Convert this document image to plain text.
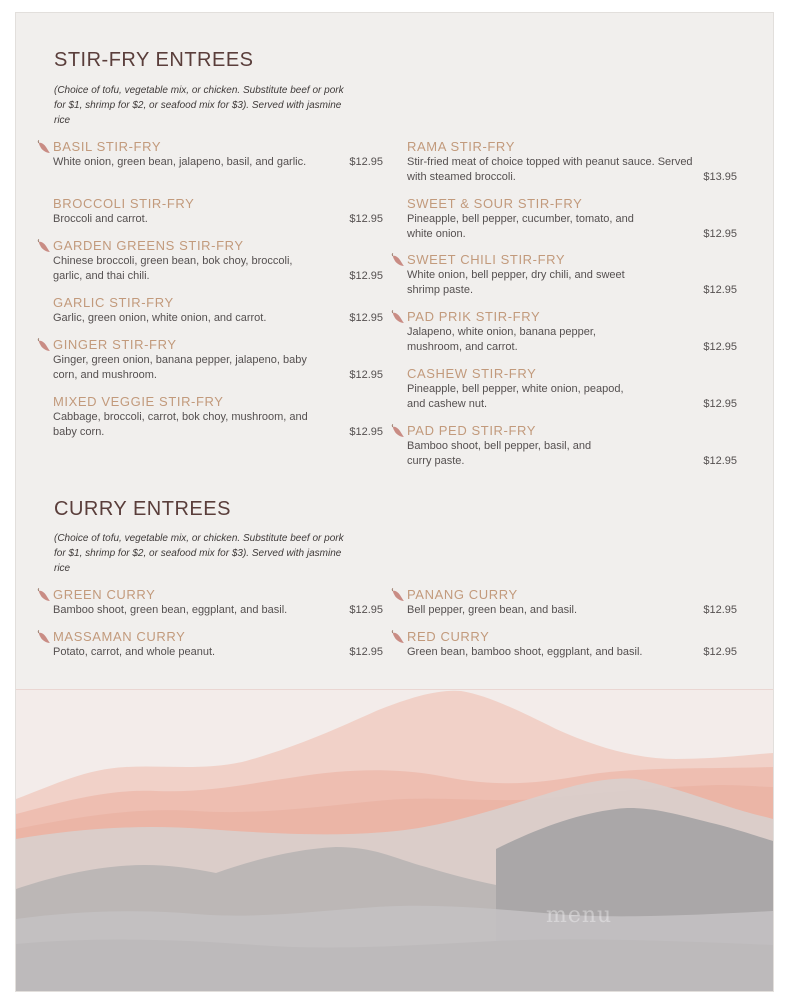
STIR-FRY ENTREES
(Choice of tofu, vegetable mix, or chicken. Substitute beef or pork for $1, shrimp for $2, or seafood mix for $3). Served with jasmine rice
BASIL STIR-FRY
White onion, green bean, jalapeno, basil, and garlic.	$12.95
BROCCOLI STIR-FRY
Broccoli and carrot.	$12.95
GARDEN GREENS STIR-FRY
Chinese broccoli, green bean, bok choy, broccoli, garlic, and thai chili.	$12.95
GARLIC STIR-FRY
Garlic, green onion, white onion, and carrot.	$12.95
GINGER STIR-FRY
Ginger, green onion, banana pepper, jalapeno, baby corn, and mushroom.	$12.95
MIXED VEGGIE STIR-FRY
Cabbage, broccoli, carrot, bok choy, mushroom, and baby corn.	$12.95
RAMA STIR-FRY
Stir-fried meat of choice topped with peanut sauce. Served with steamed broccoli.	$13.95
SWEET & SOUR STIR-FRY
Pineapple, bell pepper, cucumber, tomato, and white onion.	$12.95
SWEET CHILI STIR-FRY
White onion, bell pepper, dry chili, and sweet shrimp paste.	$12.95
PAD PRIK STIR-FRY
Jalapeno, white onion, banana pepper, mushroom, and carrot.	$12.95
CASHEW STIR-FRY
Pineapple, bell pepper, white onion, peapod, and cashew nut.	$12.95
PAD PED STIR-FRY
Bamboo shoot, bell pepper, basil, and curry paste.	$12.95
CURRY ENTREES
(Choice of tofu, vegetable mix, or chicken. Substitute beef or pork for $1, shrimp for $2, or seafood mix for $3). Served with jasmine rice
GREEN CURRY
Bamboo shoot, green bean, eggplant, and basil.	$12.95
MASSAMAN CURRY
Potato, carrot, and whole peanut.	$12.95
PANANG CURRY
Bell pepper, green bean, and basil.	$12.95
RED CURRY
Green bean, bamboo shoot, eggplant, and basil.	$12.95
menu
